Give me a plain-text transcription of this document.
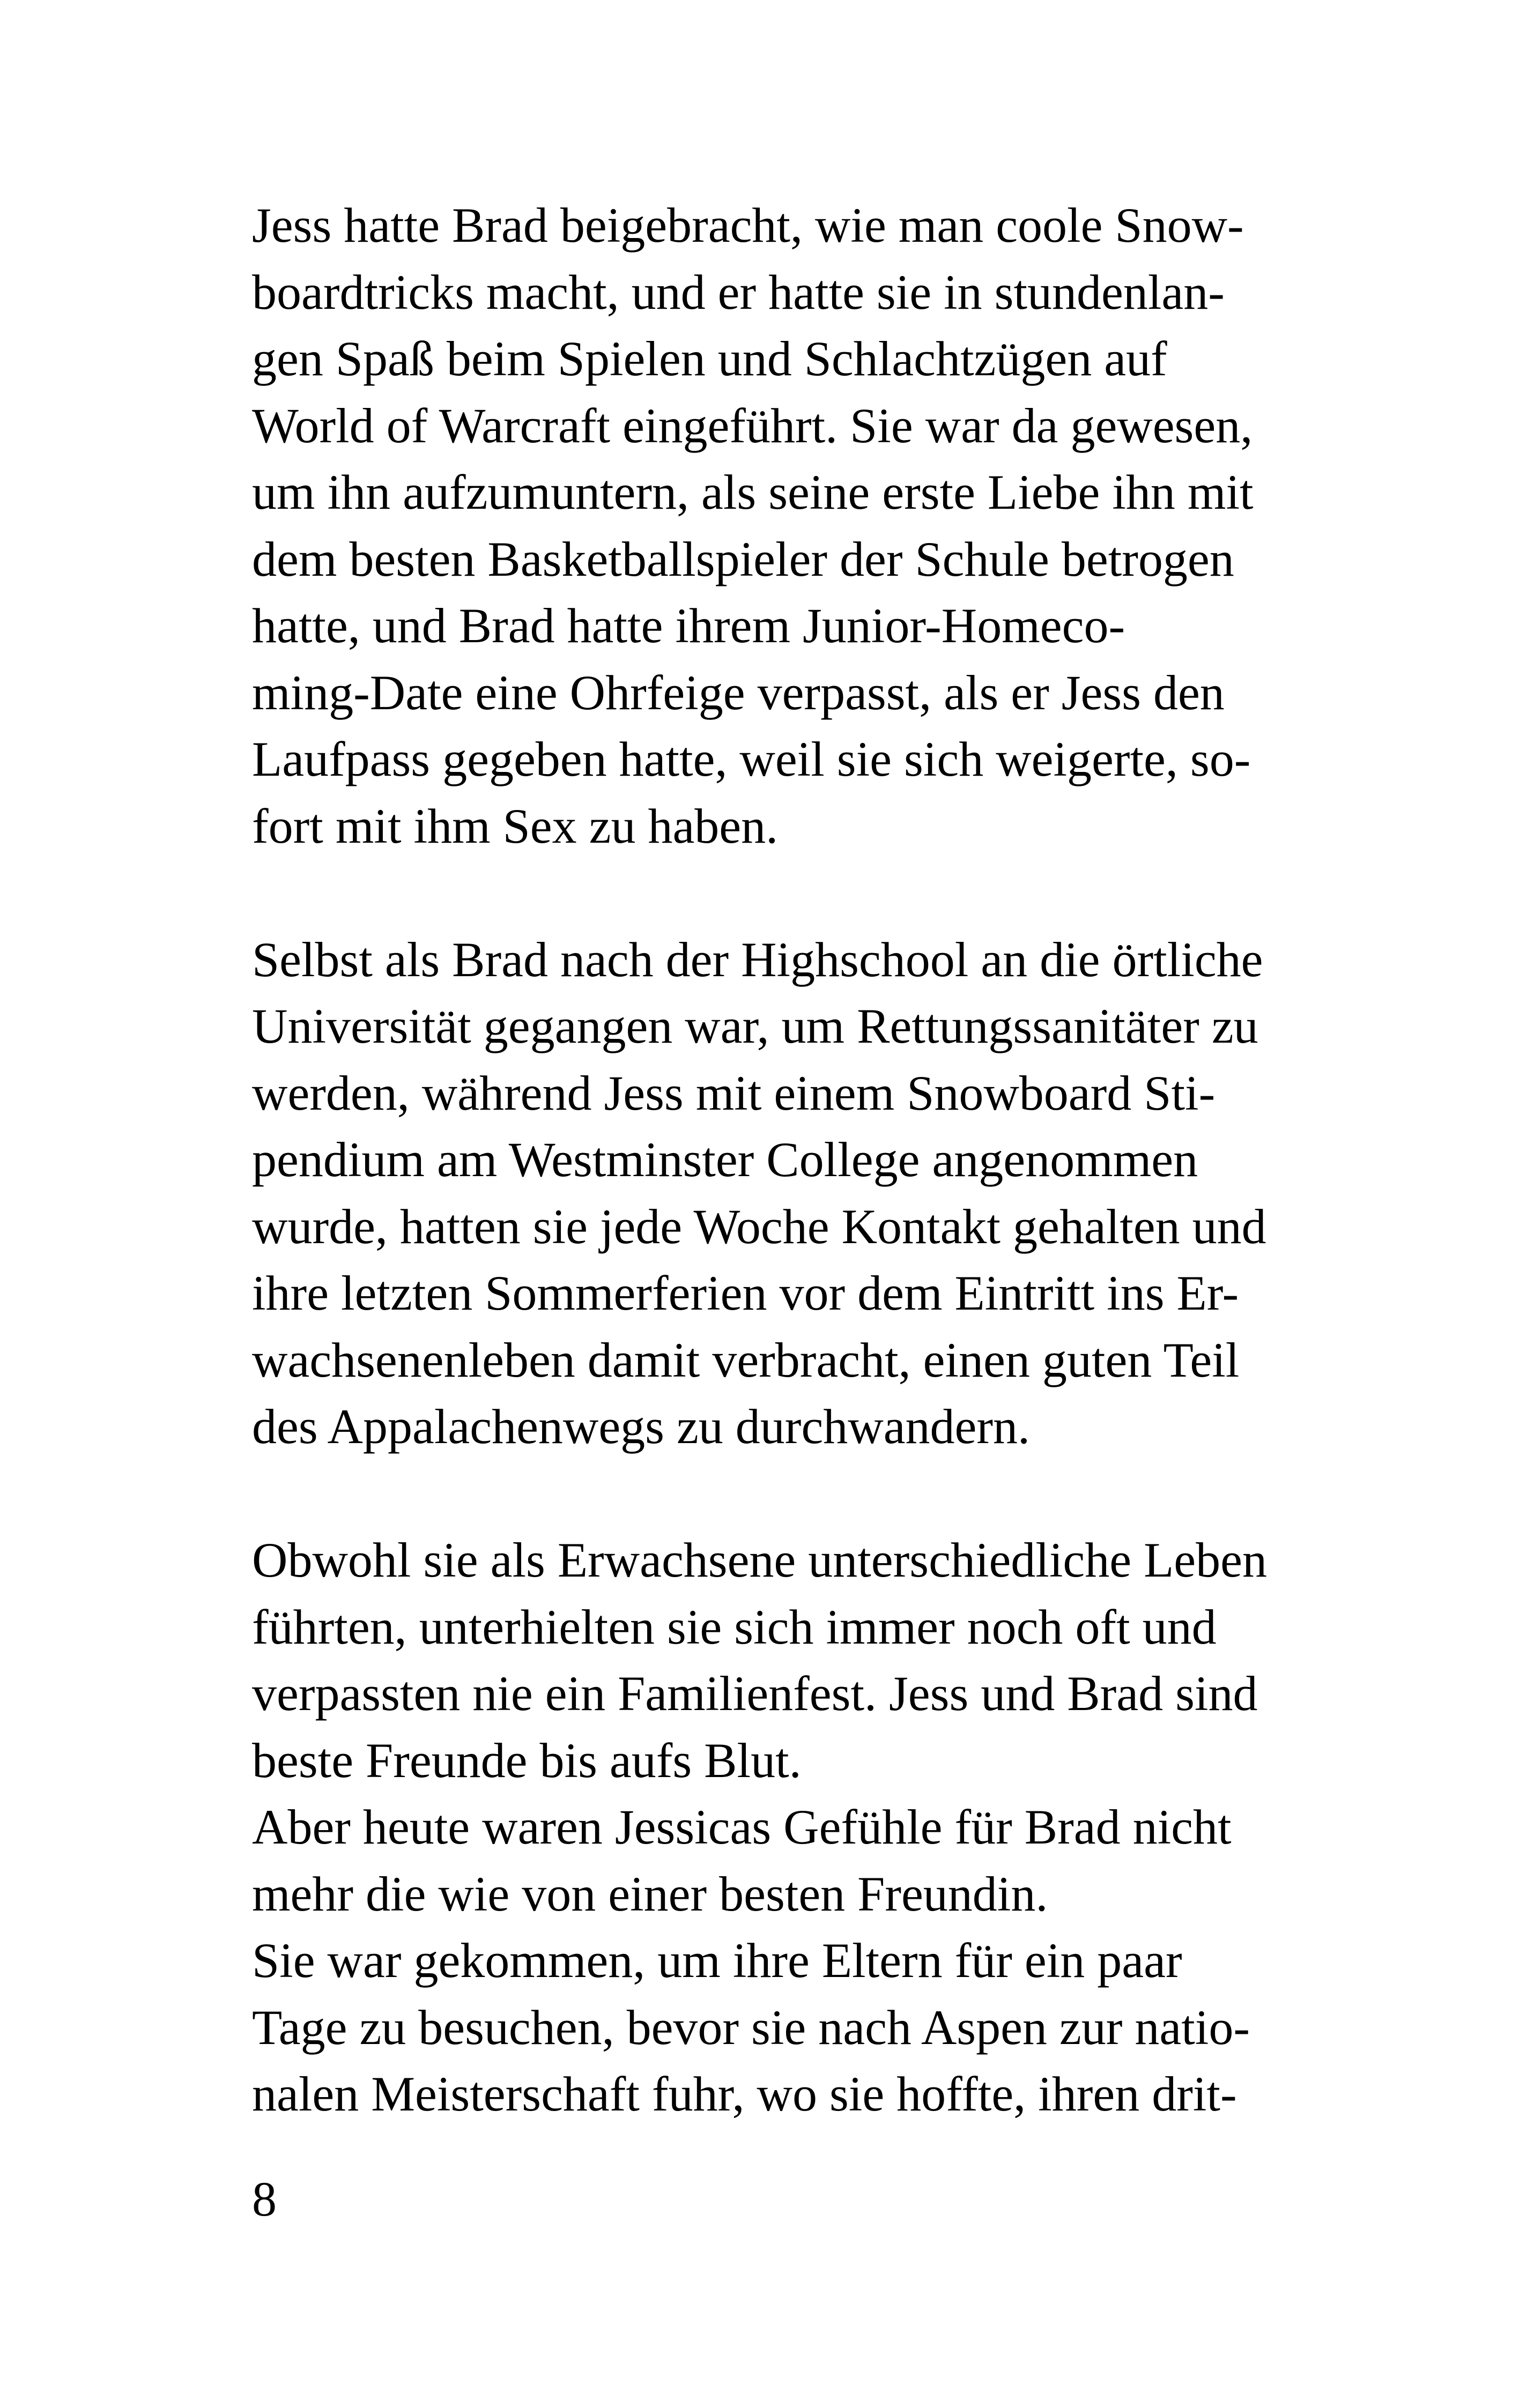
Jess hatte Brad beigebracht, wie man coole Snow-
boardtricks macht, und er hatte sie in stundenlan-
gen Spaß beim Spielen und Schlachtzügen auf
World of Warcraft eingeführt. Sie war da gewesen,
um ihn aufzumuntern, als seine erste Liebe ihn mit
dem besten Basketballspieler der Schule betrogen
hatte, und Brad hatte ihrem Junior-Homeco-
ming-Date eine Ohrfeige verpasst, als er Jess den
Laufpass gegeben hatte, weil sie sich weigerte, so-
fort mit ihm Sex zu haben.
Selbst als Brad nach der Highschool an die örtliche
Universität gegangen war, um Rettungssanitäter zu
werden, während Jess mit einem Snowboard Sti-
pendium am Westminster College angenommen
wurde, hatten sie jede Woche Kontakt gehalten und
ihre letzten Sommerferien vor dem Eintritt ins Er-
wachsenenleben damit verbracht, einen guten Teil
des Appalachenwegs zu durchwandern.
Obwohl sie als Erwachsene unterschiedliche Leben
führten, unterhielten sie sich immer noch oft und
verpassten nie ein Familienfest. Jess und Brad sind
beste Freunde bis aufs Blut.
Aber heute waren Jessicas Gefühle für Brad nicht
mehr die wie von einer besten Freundin.
Sie war gekommen, um ihre Eltern für ein paar
Tage zu besuchen, bevor sie nach Aspen zur natio-
nalen Meisterschaft fuhr, wo sie hoffte, ihren drit-
8
